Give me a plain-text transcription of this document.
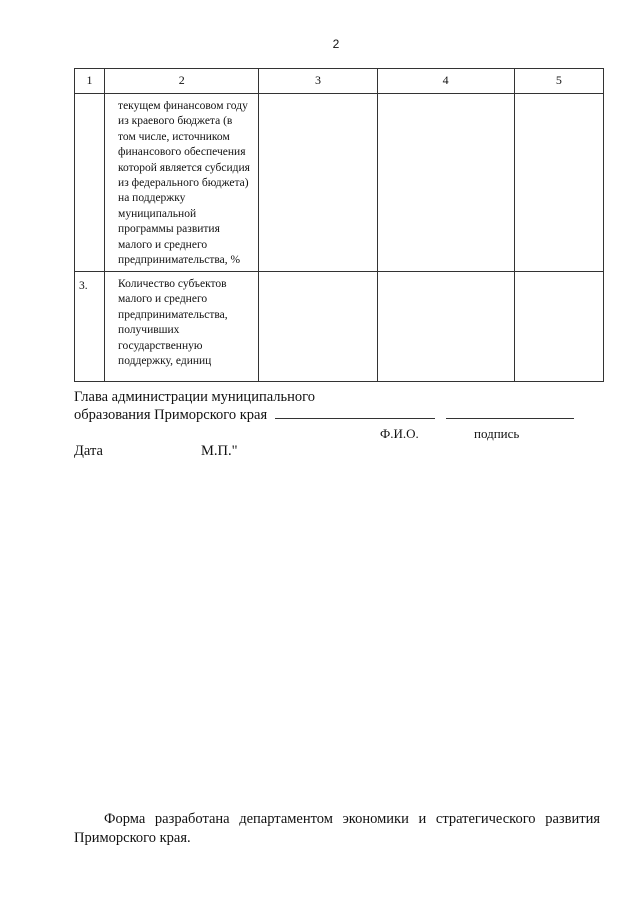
2
1	2	3	4	5
	текущем финансовом году из краевого бюджета (в том числе, источником финансового обеспечения которой является субсидия из федерального бюджета) на поддержку муниципальной программы развития малого и среднего предпринимательства, %			
3.	Количество субъектов малого и среднего предпринимательства, получивших государственную поддержку, единиц			
Глава администрации муниципального
образования Приморского края
Ф.И.О.	подпись
Дата	М.П."
Форма разработана департаментом экономики и стратегического развития Приморского края.
